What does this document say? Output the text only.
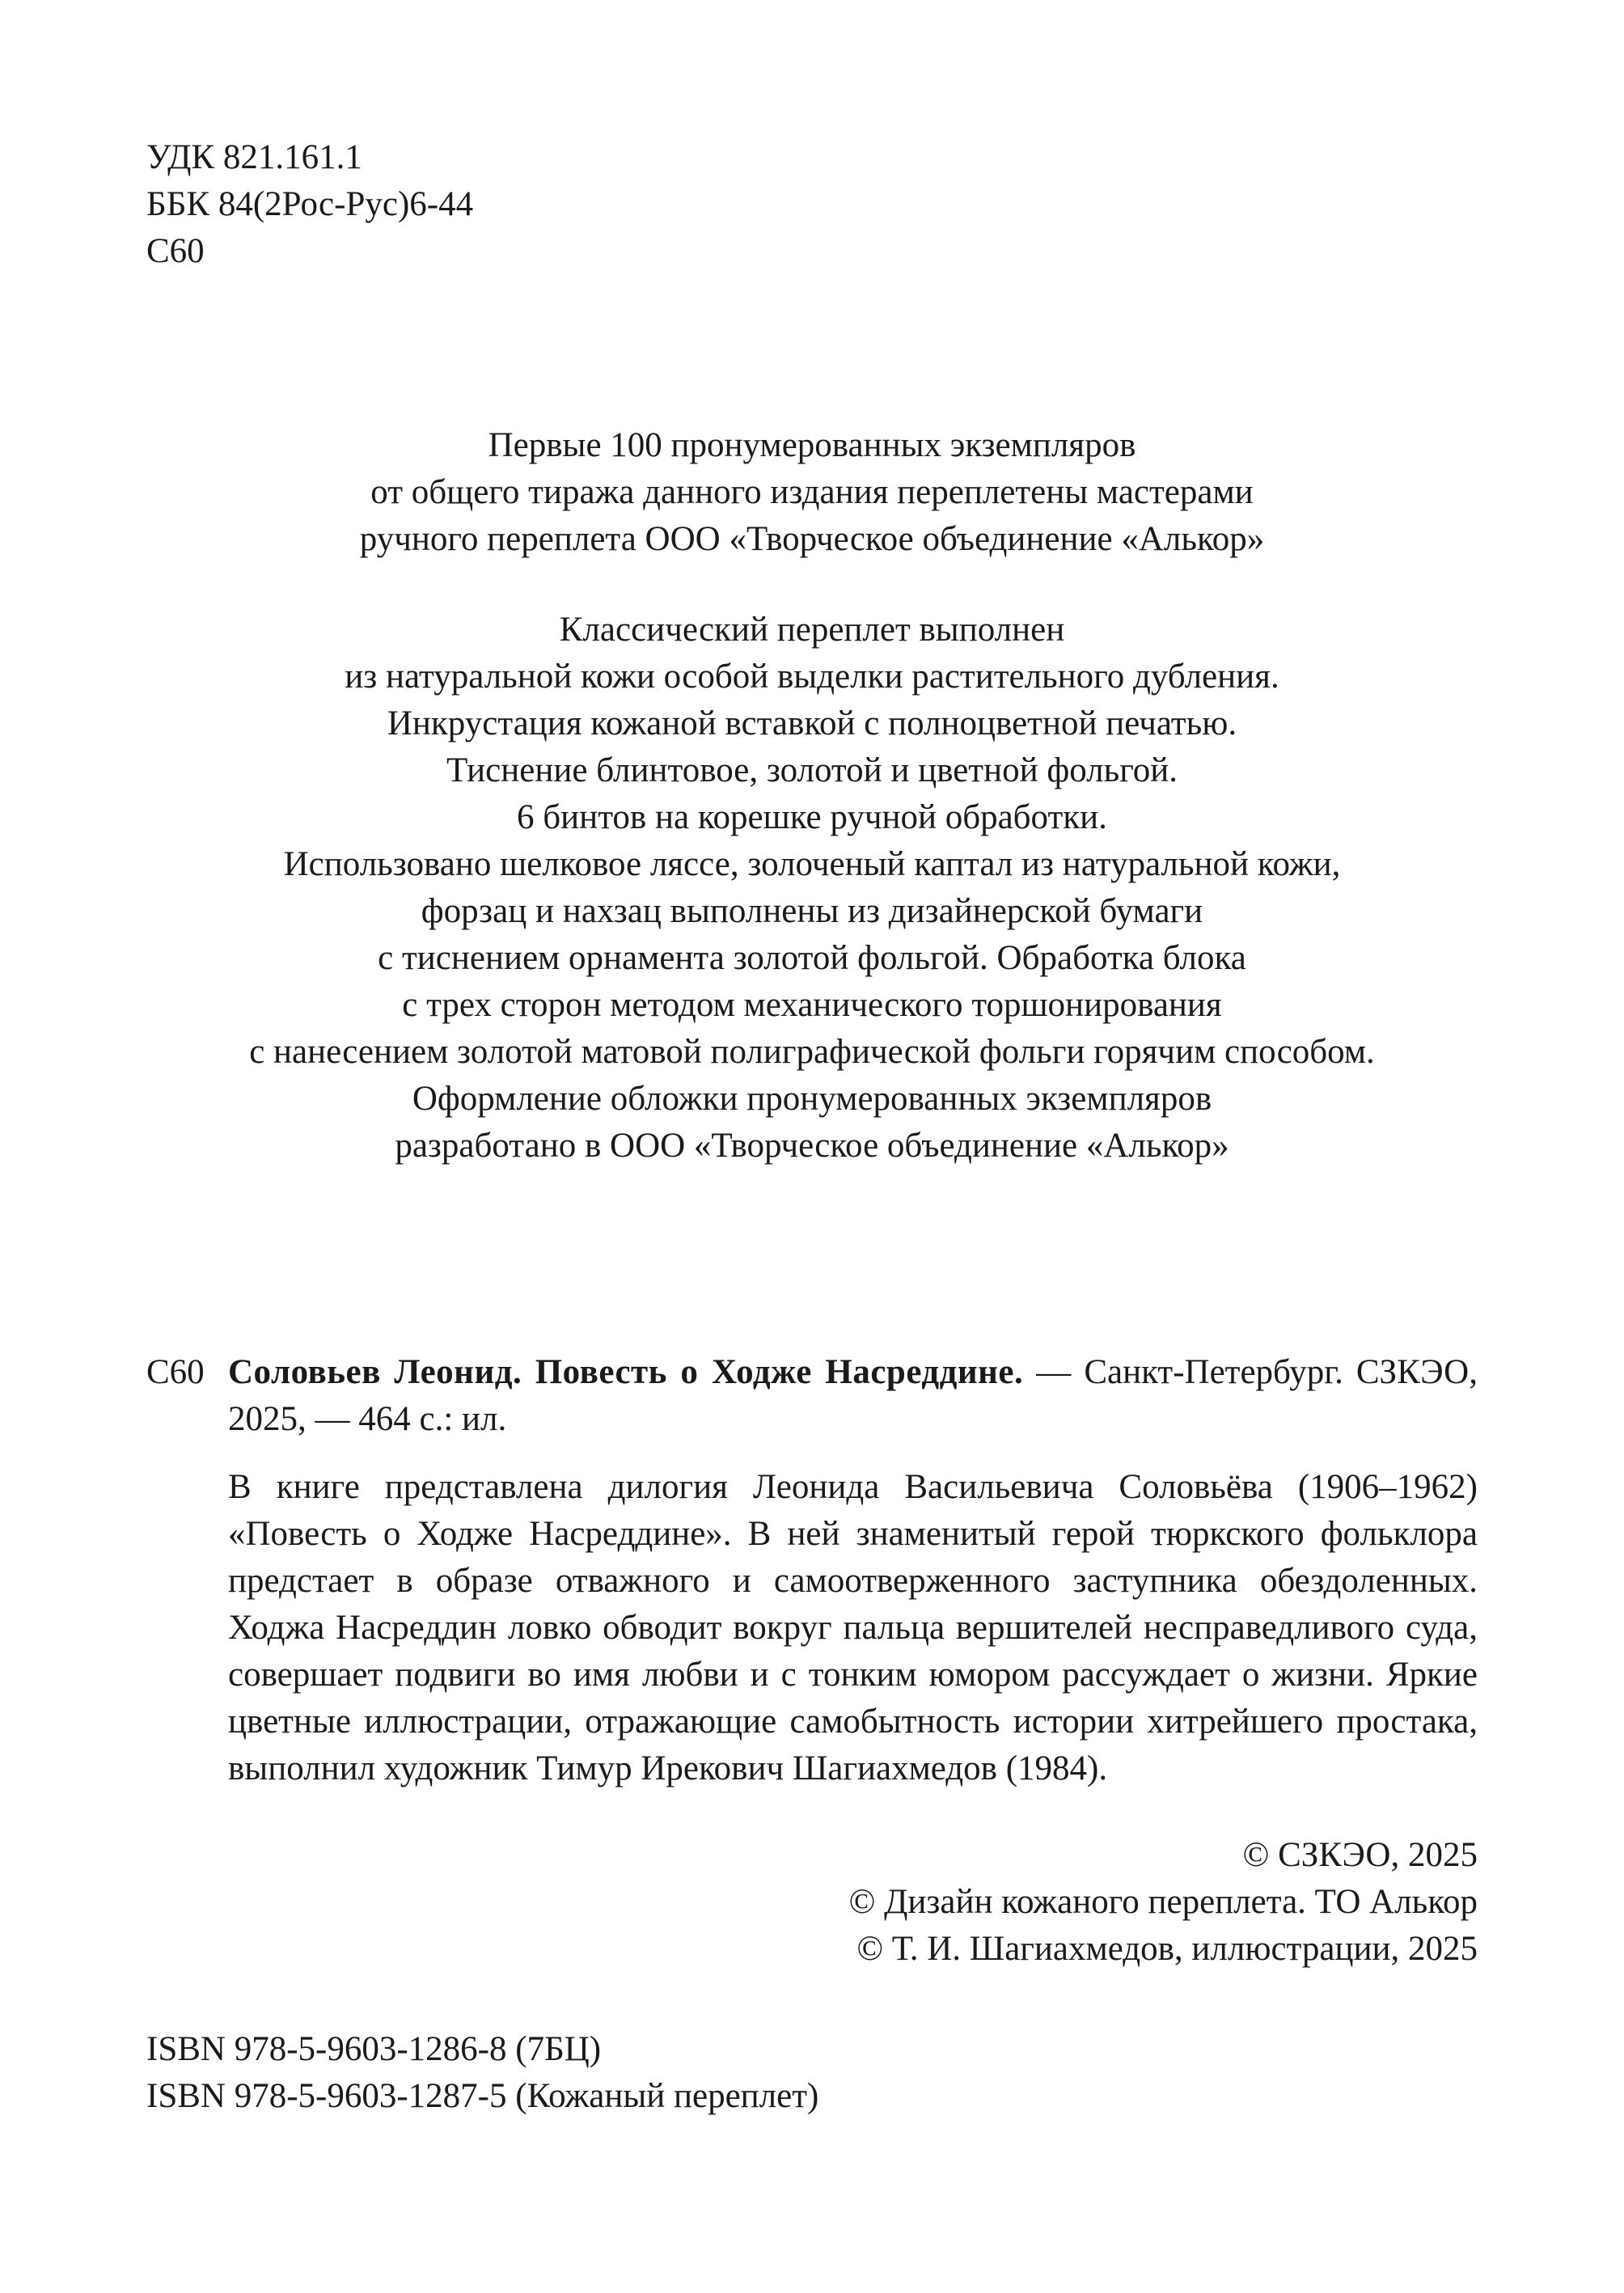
УДК 821.161.1
ББК 84(2Рос-Рус)6-44
С60
Первые 100 пронумерованных экземпляров
от общего тиража данного издания переплетены мастерами
ручного переплета ООО «Творческое объединение «Алькор»
Классический переплет выполнен
из натуральной кожи особой выделки растительного дубления.
Инкрустация кожаной вставкой с полноцветной печатью.
Тиснение блинтовое, золотой и цветной фольгой.
6 бинтов на корешке ручной обработки.
Использовано шелковое ляссе, золоченый каптал из натуральной кожи,
форзац и нахзац выполнены из дизайнерской бумаги
с тиснением орнамента золотой фольгой. Обработка блока
с трех сторон методом механического торшонирования
с нанесением золотой матовой полиграфической фольги горячим способом.
Оформление обложки пронумерованных экземпляров
разработано в ООО «Творческое объединение «Алькор»
С60 Соловьев Леонид. Повесть о Ходже Насреддине. — Санкт-Петербург. СЗКЭО, 2025, — 464 с.: ил.
В книге представлена дилогия Леонида Васильевича Соловьёва (1906–1962) «Повесть о Ходже Насреддине». В ней знаменитый герой тюркского фольклора предстает в образе отважного и самоотверженного заступника обездоленных. Ходжа Насреддин ловко обводит вокруг пальца вершителей несправедливого суда, совершает подвиги во имя любви и с тонким юмором рассуждает о жизни. Яркие цветные иллюстрации, отражающие самобытность истории хитрейшего простака, выполнил художник Тимур Ирекович Шагиахмедов (1984).
© СЗКЭО, 2025
© Дизайн кожаного переплета. ТО Алькор
© Т. И. Шагиахмедов, иллюстрации, 2025
ISBN 978-5-9603-1286-8 (7БЦ)
ISBN 978-5-9603-1287-5 (Кожаный переплет)
